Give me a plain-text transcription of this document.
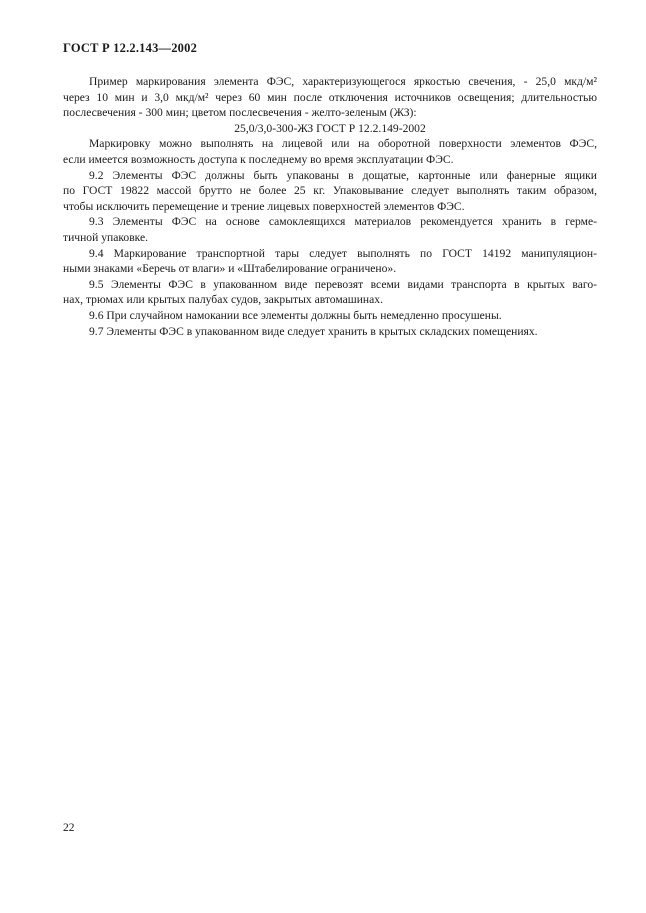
ГОСТ Р 12.2.143—2002
Пример маркирования элемента ФЭС, характеризующегося яркостью свечения, - 25,0 мкд/м²
через 10 мин и 3,0 мкд/м² через 60 мин после отключения источников освещения; длительностью
послесвечения - 300 мин; цветом послесвечения - желто-зеленым (ЖЗ):
25,0/3,0-300-ЖЗ ГОСТ Р 12.2.149-2002
Маркировку можно выполнять на лицевой или на оборотной поверхности элементов ФЭС,
если имеется возможность доступа к последнему во время эксплуатации ФЭС.
9.2 Элементы ФЭС должны быть упакованы в дощатые, картонные или фанерные ящики
по ГОСТ 19822 массой брутто не более 25 кг. Упаковывание следует выполнять таким образом,
чтобы исключить перемещение и трение лицевых поверхностей элементов ФЭС.
9.3 Элементы ФЭС на основе самоклеящихся материалов рекомендуется хранить в гермe-
тичной упаковке.
9.4 Маркирование транспортной тары следует выполнять по ГОСТ 14192 манипуляцион-
ными знаками «Беречь от влаги» и «Штабелирование ограничено».
9.5 Элементы ФЭС в упакованном виде перевозят всеми видами транспорта в крытых ваго-
нах, трюмах или крытых палубах судов, закрытых автомашинах.
9.6 При случайном намокании все элементы должны быть немедленно просушены.
9.7 Элементы ФЭС в упакованном виде следует хранить в крытых складских помещениях.
22
